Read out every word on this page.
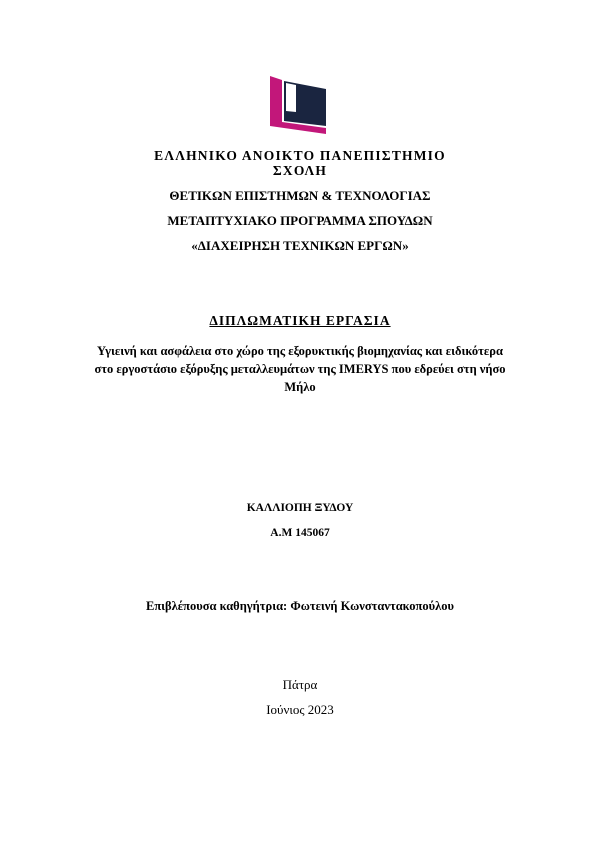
ΕΛΛΗΝΙΚΟ ΑΝΟΙΚΤΟ ΠΑΝΕΠΙΣΤΗΜΙΟ
ΣΧΟΛΗ
ΘΕΤΙΚΩΝ ΕΠΙΣΤΗΜΩΝ & ΤΕΧΝΟΛΟΓΙΑΣ
ΜΕΤΑΠΤΥΧΙΑΚΟ ΠΡΟΓΡΑΜΜΑ ΣΠΟΥΔΩΝ
«ΔΙΑΧΕΙΡΗΣΗ ΤΕΧΝΙΚΩΝ ΕΡΓΩΝ»
ΔΙΠΛΩΜΑΤΙΚΗ ΕΡΓΑΣΙΑ
Υγιεινή και ασφάλεια στο χώρο της εξορυκτικής βιομηχανίας και ειδικότερα
στο εργοστάσιο εξόρυξης μεταλλευμάτων της IMERYS που εδρεύει στη νήσο
Μήλο
ΚΑΛΛΙΟΠΗ ΞΥΔΟΥ
Α.Μ 145067
Επιβλέπουσα καθηγήτρια: Φωτεινή Κωνσταντακοπούλου
Πάτρα
Ιούνιος 2023
